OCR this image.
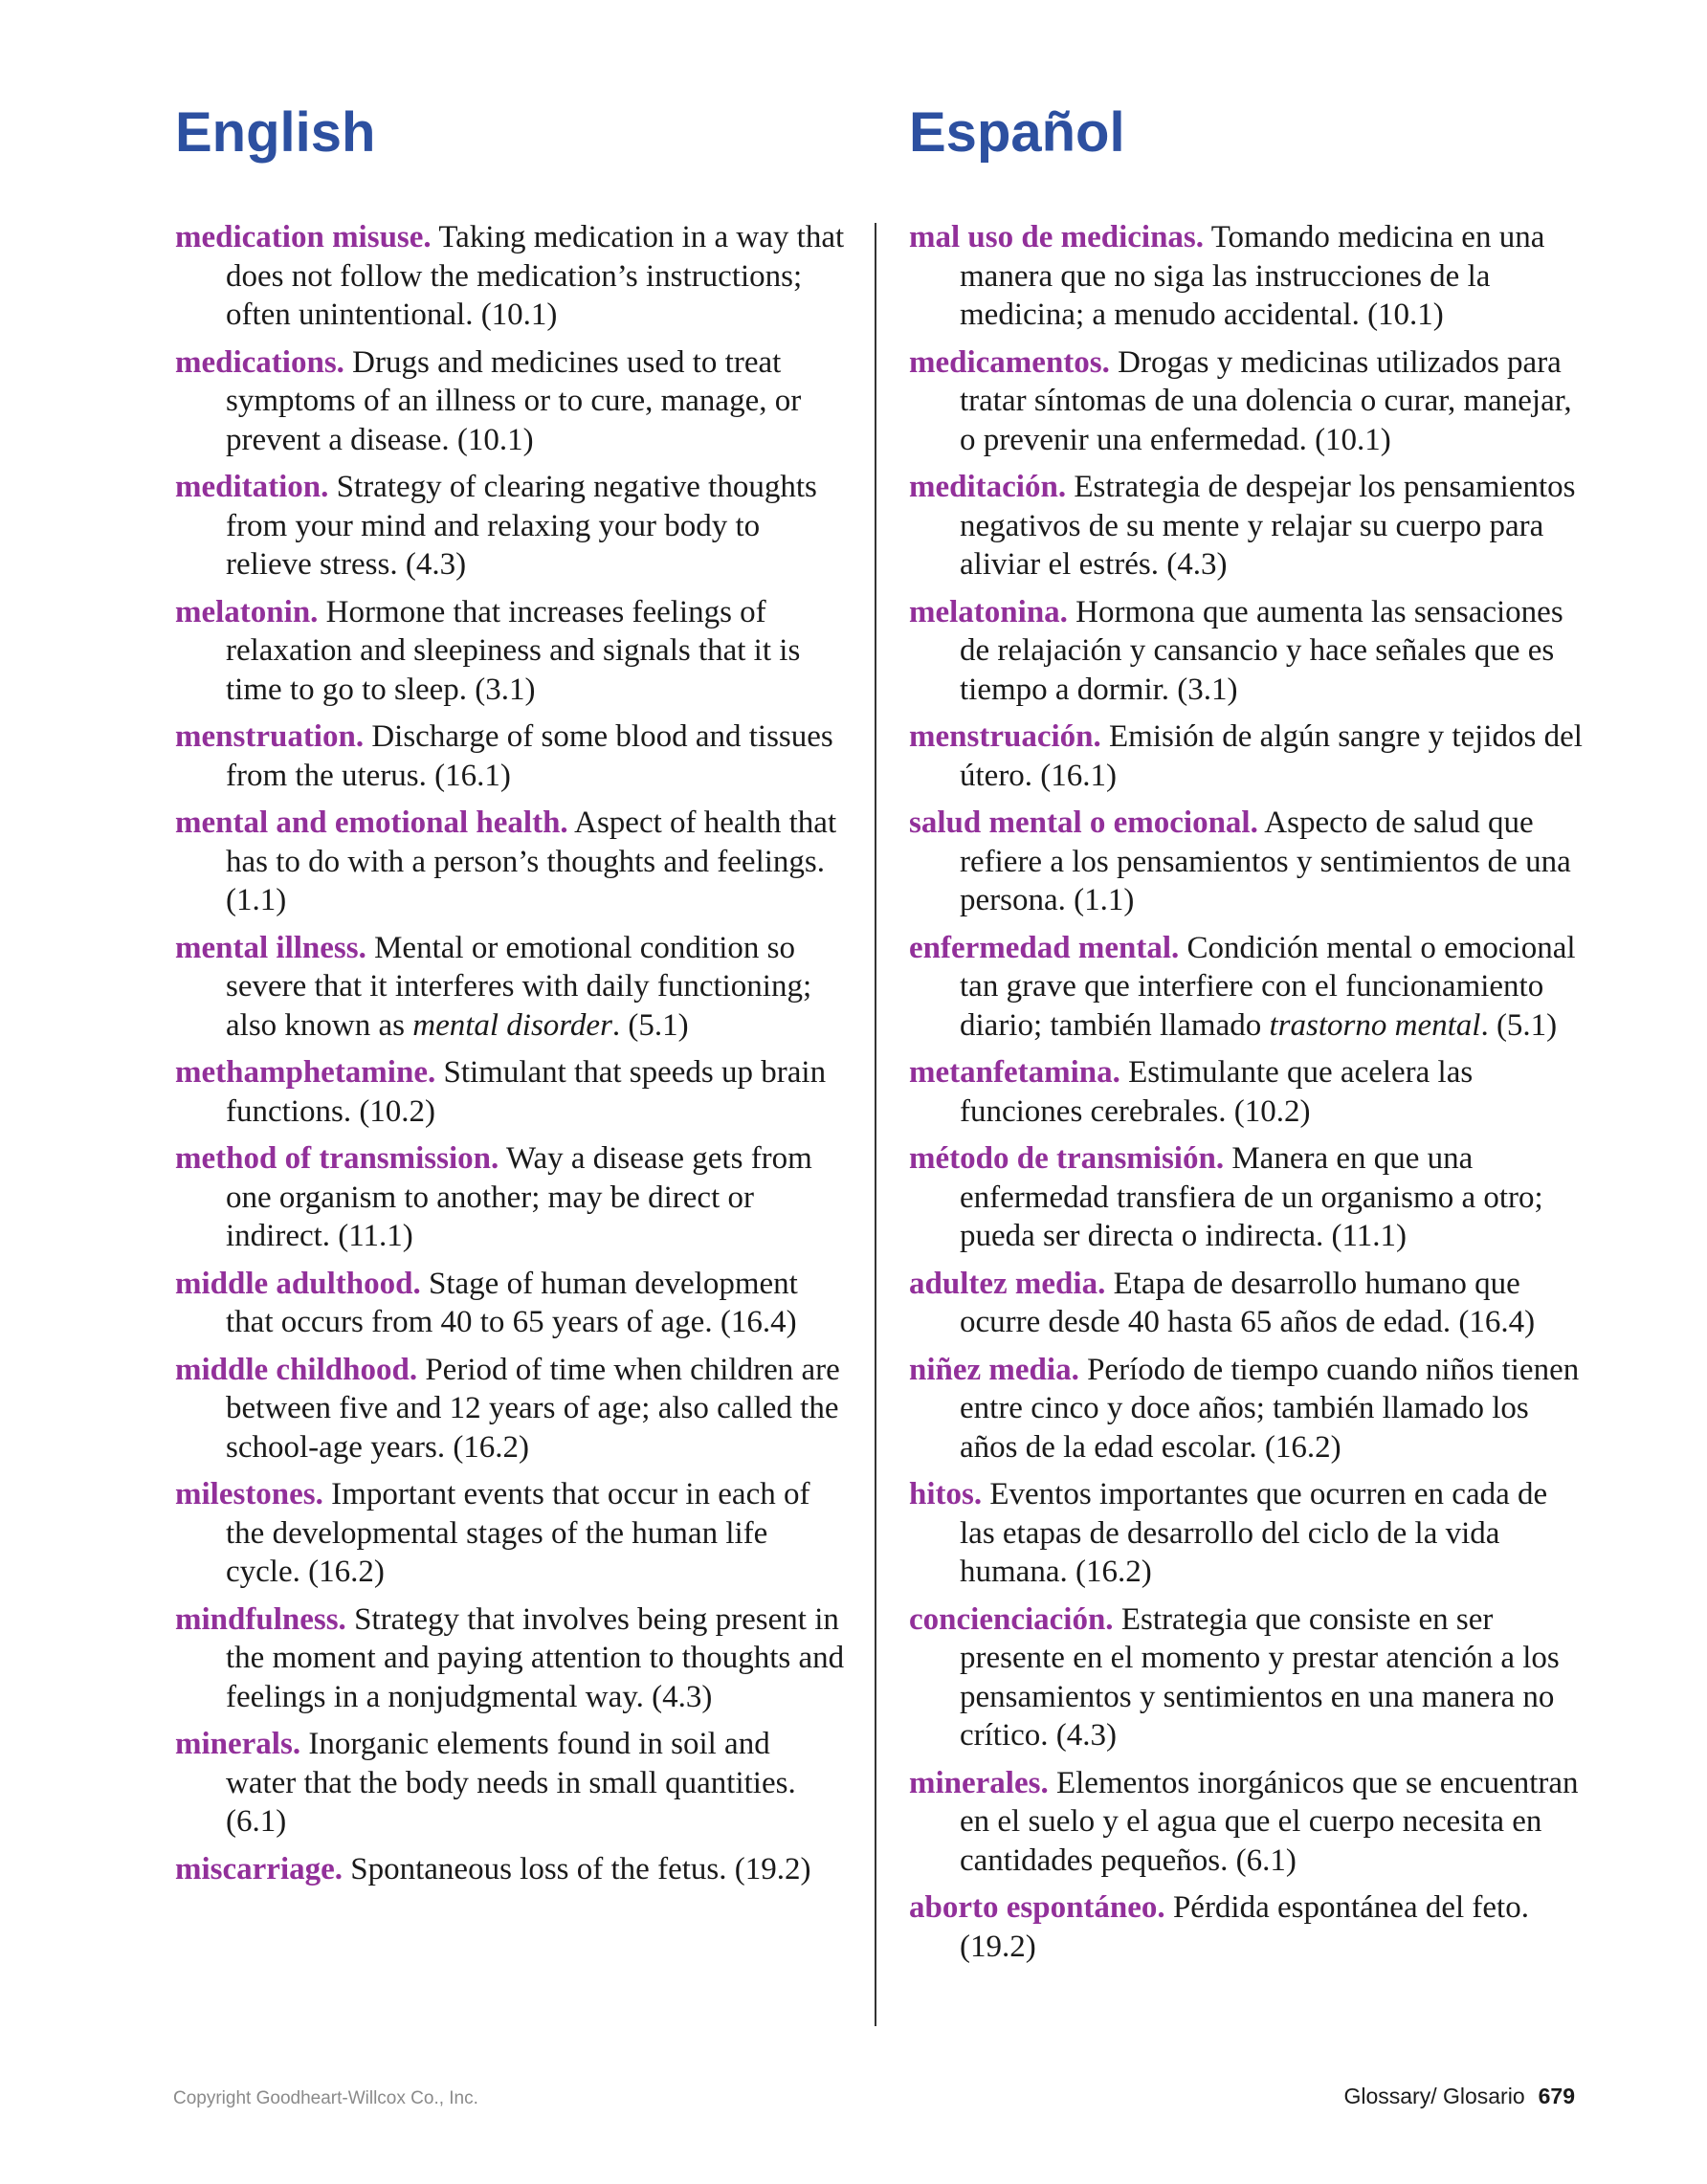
English

medication misuse. Taking medication in a way that does not follow the medication’s instructions; often unintentional. (10.1)

medications. Drugs and medicines used to treat symptoms of an illness or to cure, manage, or prevent a disease. (10.1)

meditation. Strategy of clearing negative thoughts from your mind and relaxing your body to relieve stress. (4.3)

melatonin. Hormone that increases feelings of relaxation and sleepiness and signals that it is time to go to sleep. (3.1)

menstruation. Discharge of some blood and tissues from the uterus. (16.1)

mental and emotional health. Aspect of health that has to do with a person’s thoughts and feelings. (1.1)

mental illness. Mental or emotional condition so severe that it interferes with daily functioning; also known as mental disorder. (5.1)

methamphetamine. Stimulant that speeds up brain functions. (10.2)

method of transmission. Way a disease gets from one organism to another; may be direct or indirect. (11.1)

middle adulthood. Stage of human development that occurs from 40 to 65 years of age. (16.4)

middle childhood. Period of time when children are between five and 12 years of age; also called the school-age years. (16.2)

milestones. Important events that occur in each of the developmental stages of the human life cycle. (16.2)

mindfulness. Strategy that involves being present in the moment and paying attention to thoughts and feelings in a nonjudgmental way. (4.3)

minerals. Inorganic elements found in soil and water that the body needs in small quantities. (6.1)

miscarriage. Spontaneous loss of the fetus. (19.2)

Español

mal uso de medicinas. Tomando medicina en una manera que no siga las instrucciones de la medicina; a menudo accidental. (10.1)

medicamentos. Drogas y medicinas utilizados para tratar síntomas de una dolencia o curar, manejar, o prevenir una enfermedad. (10.1)

meditación. Estrategia de despejar los pensamientos negativos de su mente y relajar su cuerpo para aliviar el estrés. (4.3)

melatonina. Hormona que aumenta las sensaciones de relajación y cansancio y hace señales que es tiempo a dormir. (3.1)

menstruación. Emisión de algún sangre y tejidos del útero. (16.1)

salud mental o emocional. Aspecto de salud que refiere a los pensamientos y sentimientos de una persona. (1.1)

enfermedad mental. Condición mental o emocional tan grave que interfiere con el funcionamiento diario; también llamado trastorno mental. (5.1)

metanfetamina. Estimulante que acelera las funciones cerebrales. (10.2)

método de transmisión. Manera en que una enfermedad transfiera de un organismo a otro; pueda ser directa o indirecta. (11.1)

adultez media. Etapa de desarrollo humano que ocurre desde 40 hasta 65 años de edad. (16.4)

niñez media. Período de tiempo cuando niños tienen entre cinco y doce años; también llamado los años de la edad escolar. (16.2)

hitos. Eventos importantes que ocurren en cada de las etapas de desarrollo del ciclo de la vida humana. (16.2)

concienciación. Estrategia que consiste en ser presente en el momento y prestar atención a los pensamientos y sentimientos en una manera no crítico. (4.3)

minerales. Elementos inorgánicos que se encuentran en el suelo y el agua que el cuerpo necesita en cantidades pequeños. (6.1)

aborto espontáneo. Pérdida espontánea del feto. (19.2)

Copyright Goodheart-Willcox Co., Inc.	Glossary/ Glosario 679
